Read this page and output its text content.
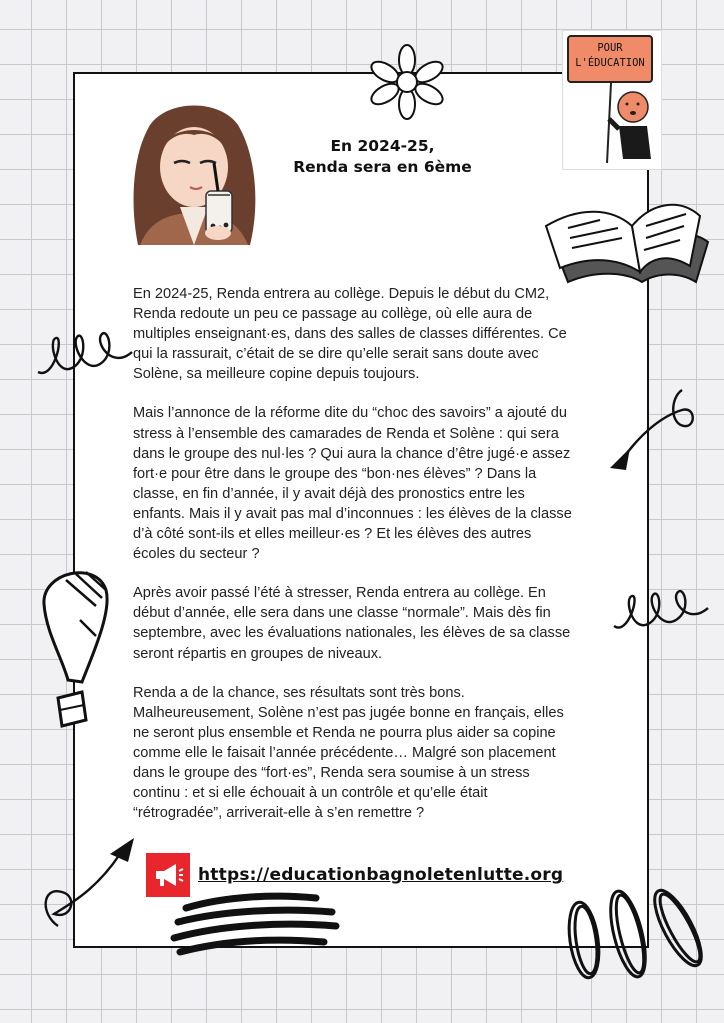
En 2024-25,
Renda sera en 6ème
POUR
L'ÉDUCATION

En 2024-25, Renda entrera au collège. Depuis le début du CM2, Renda redoute un peu ce passage au collège, où elle aura de multiples enseignant·es, dans des salles de classes différentes. Ce qui la rassurait, c’était de se dire qu’elle serait sans doute avec Solène, sa meilleure copine depuis toujours.

Mais l’annonce de la réforme dite du “choc des savoirs” a ajouté du stress à l’ensemble des camarades de Renda et Solène : qui sera dans le groupe des nul·les ? Qui aura la chance d’être jugé·e assez fort·e pour être dans le groupe des “bon·nes élèves” ? Dans la classe, en fin d’année, il y avait déjà des pronostics entre les enfants. Mais il y avait pas mal d’inconnues : les élèves de la classe d’à côté sont-ils et elles meilleur·es ? Et les élèves des autres écoles du secteur ?

Après avoir passé l’été à stresser, Renda entrera au collège. En début d’année, elle sera dans une classe “normale”. Mais dès fin septembre, avec les évaluations nationales, les élèves de sa classe seront répartis en groupes de niveaux.

Renda a de la chance, ses résultats sont très bons. Malheureusement, Solène n’est pas jugée bonne en français, elles ne seront plus ensemble et Renda ne pourra plus aider sa copine comme elle le faisait l’année précédente… Malgré son placement dans le groupe des “fort·es”, Renda sera soumise à un stress continu : et si elle échouait à un contrôle et qu’elle était “rétrogradée”, arriverait-elle à s’en remettre ?

https://educationbagnoletenlutte.org
